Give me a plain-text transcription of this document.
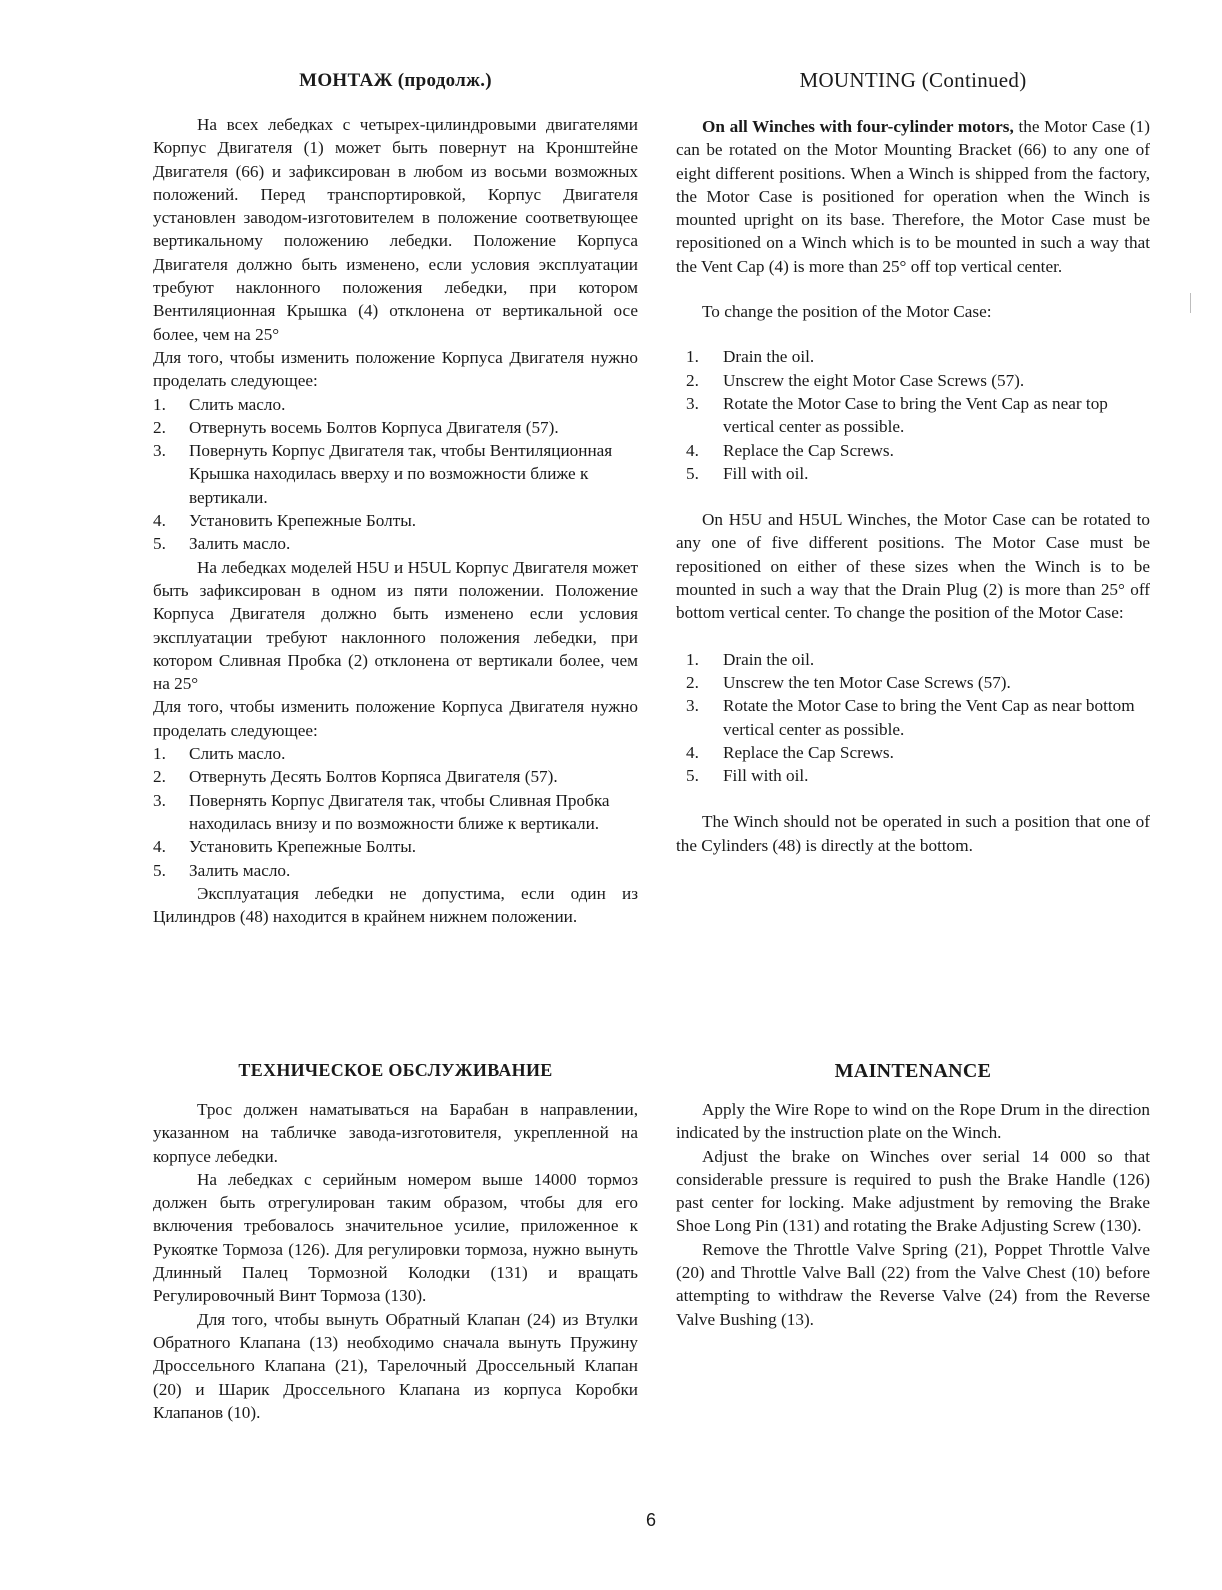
МОНТАЖ (продолж.)

На всех лебедках с четырех-цилиндровыми двигателями Корпус Двигателя (1) может быть повернут на Кронштейне Двигателя (66) и зафиксирован в любом из восьми возможных положений. Перед транспортировкой, Корпус Двигателя установлен заводом-изготовителем в положение соответвующее вертикальному положению лебедки. Положение Корпуса Двигателя должно быть изменено, если условия эксплуатации требуют наклонного положения лебедки, при котором Вентиляционная Крышка (4) отклонена от вертикальной осе более, чем на 25°

Для того, чтобы изменить положение Корпуса Двигателя нужно проделать следующее:

1. Слить масло.
2. Отвернуть восемь Болтов Корпуса Двигателя (57).
3. Повернуть Корпус Двигателя так, чтобы Вентиляционная Крышка находилась вверху и по возможности ближе к вертикали.
4. Установить Крепежные Болты.
5. Залить масло.

На лебедках моделей H5U и H5UL Корпус Двигателя может быть зафиксирован в одном из пяти положении. Положение Корпуса Двигателя должно быть изменено если условия эксплуатации требуют наклонного положения лебедки, при котором Сливная Пробка (2) отклонена от вертикали более, чем на 25°

Для того, чтобы изменить положение Корпуса Двигателя нужно проделать следующее:

1. Слить масло.
2. Отвернуть Десять Болтов Корпяса Двигателя (57).
3. Повернять Корпус Двигателя так, чтобы Сливная Пробка находилась внизу и по возможности ближе к вертикали.
4. Установить Крепежные Болты.
5. Залить масло.

Эксплуатация лебедки не допустима, если один из Цилиндров (48) находится в крайнем нижнем положении.

ТЕХНИЧЕСКОЕ ОБСЛУЖИВАНИЕ

Трос должен наматываться на Барабан в направлении, указанном на табличке завода-изготовителя, укрепленной на корпусе лебедки.

На лебедках с серийным номером выше 14000 тормоз должен быть отрегулирован таким образом, чтобы для его включения требовалось значительное усилие, приложенное к Рукоятке Тормоза (126). Для регулировки тормоза, нужно вынуть Длинный Палец Тормозной Колодки (131) и вращать Регулировочный Винт Тормоза (130).

Для того, чтобы вынуть Обратный Клапан (24) из Втулки Обратного Клапана (13) необходимо сначала вынуть Пружину Дроссельного Клапана (21), Тарелочный Дроссельный Клапан (20) и Шарик Дроссельного Клапана из корпуса Коробки Клапанов (10).

MOUNTING (Continued)

On all Winches with four-cylinder motors, the Motor Case (1) can be rotated on the Motor Mounting Bracket (66) to any one of eight different positions. When a Winch is shipped from the factory, the Motor Case is positioned for operation when the Winch is mounted upright on its base. Therefore, the Motor Case must be repositioned on a Winch which is to be mounted in such a way that the Vent Cap (4) is more than 25° off top vertical center.

To change the position of the Motor Case:

1. Drain the oil.
2. Unscrew the eight Motor Case Screws (57).
3. Rotate the Motor Case to bring the Vent Cap as near top vertical center as possible.
4. Replace the Cap Screws.
5. Fill with oil.

On H5U and H5UL Winches, the Motor Case can be rotated to any one of five different positions. The Motor Case must be repositioned on either of these sizes when the Winch is to be mounted in such a way that the Drain Plug (2) is more than 25° off bottom vertical center. To change the position of the Motor Case:

1. Drain the oil.
2. Unscrew the ten Motor Case Screws (57).
3. Rotate the Motor Case to bring the Vent Cap as near bottom vertical center as possible.
4. Replace the Cap Screws.
5. Fill with oil.

The Winch should not be operated in such a position that one of the Cylinders (48) is directly at the bottom.

MAINTENANCE

Apply the Wire Rope to wind on the Rope Drum in the direction indicated by the instruction plate on the Winch.

Adjust the brake on Winches over serial 14 000 so that considerable pressure is required to push the Brake Handle (126) past center for locking. Make adjustment by removing the Brake Shoe Long Pin (131) and rotating the Brake Adjusting Screw (130).

Remove the Throttle Valve Spring (21), Poppet Throttle Valve (20) and Throttle Valve Ball (22) from the Valve Chest (10) before attempting to withdraw the Reverse Valve (24) from the Reverse Valve Bushing (13).

6
